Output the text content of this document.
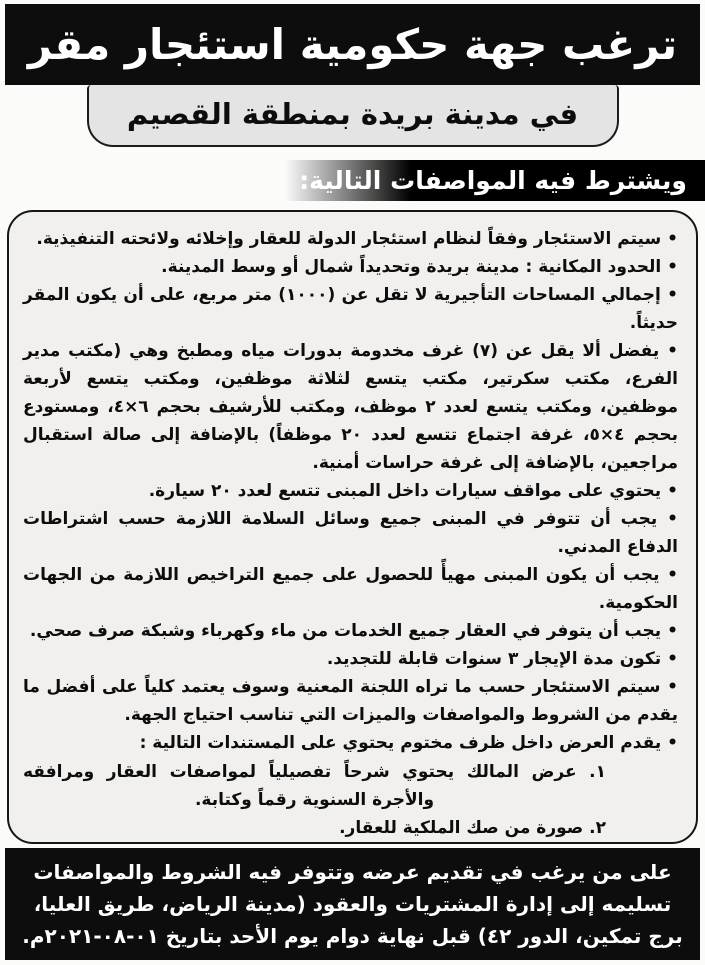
ترغب جهة حكومية استئجار مقر
في مدينة بريدة بمنطقة القصيم
ويشترط فيه المواصفات التالية:
• سيتم الاستئجار وفقاً لنظام استئجار الدولة للعقار وإخلائه ولائحته التنفيذية.
• الحدود المكانية : مدينة بريدة وتحديداً شمال أو وسط المدينة.
• إجمالي المساحات التأجيرية لا تقل عن (١٠٠٠) متر مربع، على أن يكون المقر حديثاً.
• يفضل ألا يقل عن (٧) غرف مخدومة بدورات مياه ومطبخ وهي (مكتب مدير الفرع، مكتب سكرتير، مكتب يتسع لثلاثة موظفين، ومكتب يتسع لأربعة موظفين، ومكتب يتسع لعدد ٢ موظف، ومكتب للأرشيف بحجم ٤‎×‎٦، ومستودع بحجم ٥‎×‎٤، غرفة اجتماع تتسع لعدد ٢٠ موظفاً) بالإضافة إلى صالة استقبال مراجعين، بالإضافة إلى غرفة حراسات أمنية.
• يحتوي على مواقف سيارات داخل المبنى تتسع لعدد ٢٠ سيارة.
• يجب أن تتوفر في المبنى جميع وسائل السلامة اللازمة حسب اشتراطات الدفاع المدني.
• يجب أن يكون المبنى مهيأً للحصول على جميع التراخيص اللازمة من الجهات الحكومية.
• يجب أن يتوفر في العقار جميع الخدمات من ماء وكهرباء وشبكة صرف صحي.
• تكون مدة الإيجار ٣ سنوات قابلة للتجديد.
• سيتم الاستئجار حسب ما تراه اللجنة المعنية وسوف يعتمد كلياً على أفضل ما يقدم من الشروط والمواصفات والميزات التي تناسب احتياج الجهة.
• يقدم العرض داخل ظرف مختوم يحتوي على المستندات التالية :
١. عرض المالك يحتوي شرحاً تفصيلياً لمواصفات العقار ومرافقه والأجرة السنوية رقماً وكتابة.
٢. صورة من صك الملكية للعقار.
على من يرغب في تقديم عرضه وتتوفر فيه الشروط والمواصفات تسليمه إلى إدارة المشتريات والعقود (مدينة الرياض، طريق العليا، برج تمكين، الدور ٤٢) قبل نهاية دوام يوم الأحد بتاريخ ٠١-٠٨-٢٠٢١م.
